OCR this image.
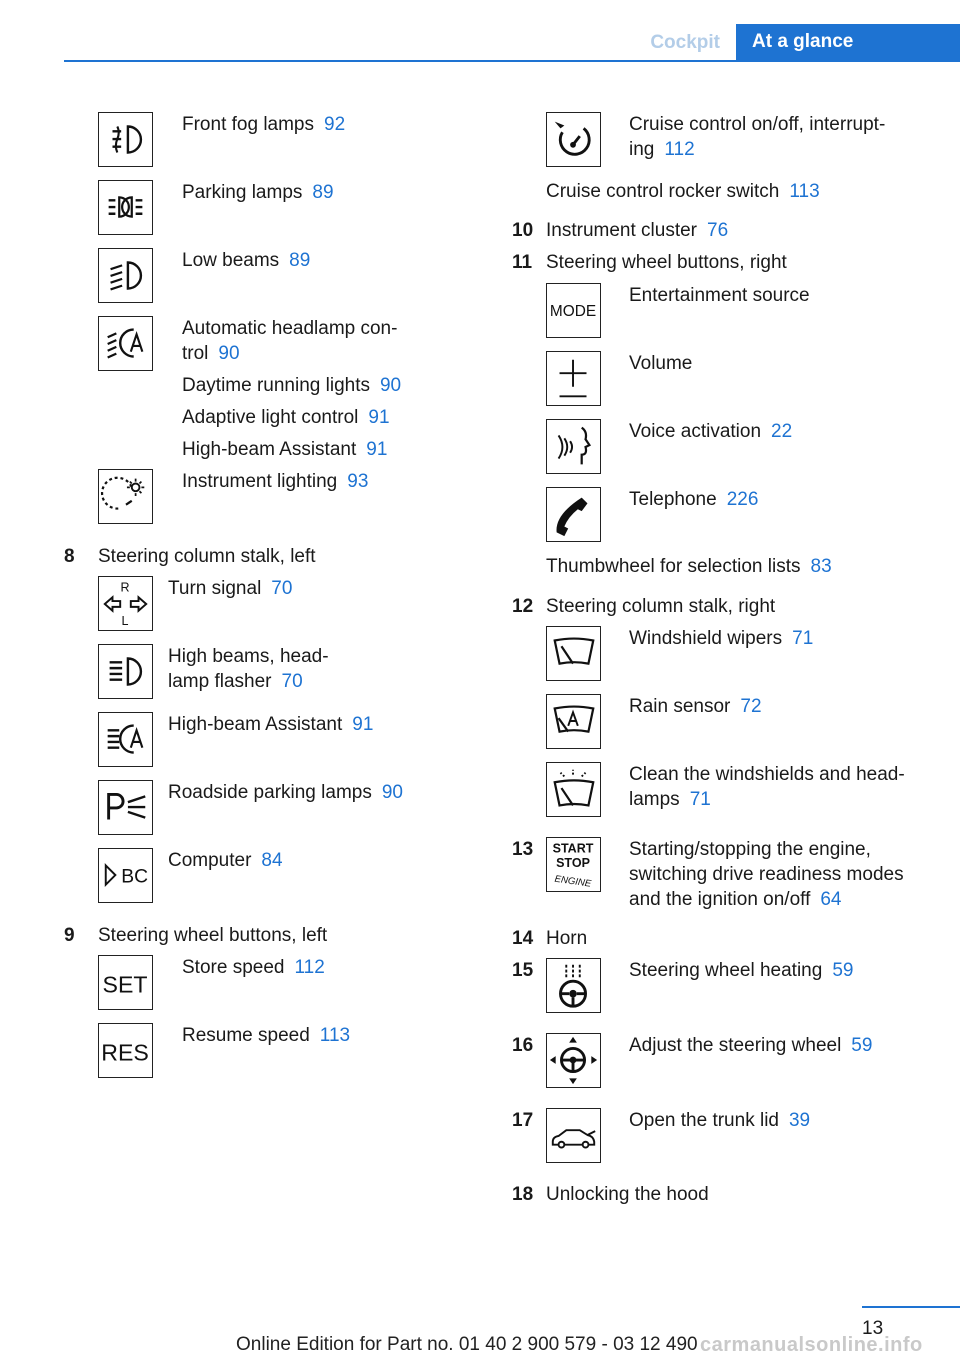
Cockpit	At a glance
Front fog lamps 92
Parking lamps 89
Low beams 89
Automatic headlamp con-
trol 90
Daytime running lights 90
Adaptive light control 91
High-beam Assistant 91
Instrument lighting 93
8 Steering column stalk, left
R
L
Turn signal 70
High beams, head-
lamp flasher 70
High-beam Assistant 91
Roadside parking lamps 90
BC
Computer 84
9 Steering wheel buttons, left
SET
Store speed 112
RES
Resume speed 113
Cruise control on/off, interrupt-
ing 112
Cruise control rocker switch 113
10 Instrument cluster 76
11 Steering wheel buttons, right
MODE
Entertainment source
Volume
Voice activation 22
Telephone 226
Thumbwheel for selection lists 83
12 Steering column stalk, right
Windshield wipers 71
Rain sensor 72
Clean the windshields and head-
lamps 71
13 START
STOP
ENGINE
Starting/stopping the engine,
switching drive readiness modes
and the ignition on/off 64
14 Horn
15	Steering wheel heating 59
16	Adjust the steering wheel 59
17	Open the trunk lid 39
18 Unlocking the hood
13
Online Edition for Part no. 01 40 2 900 579 - 03 12 490 carmanualsonline.info
